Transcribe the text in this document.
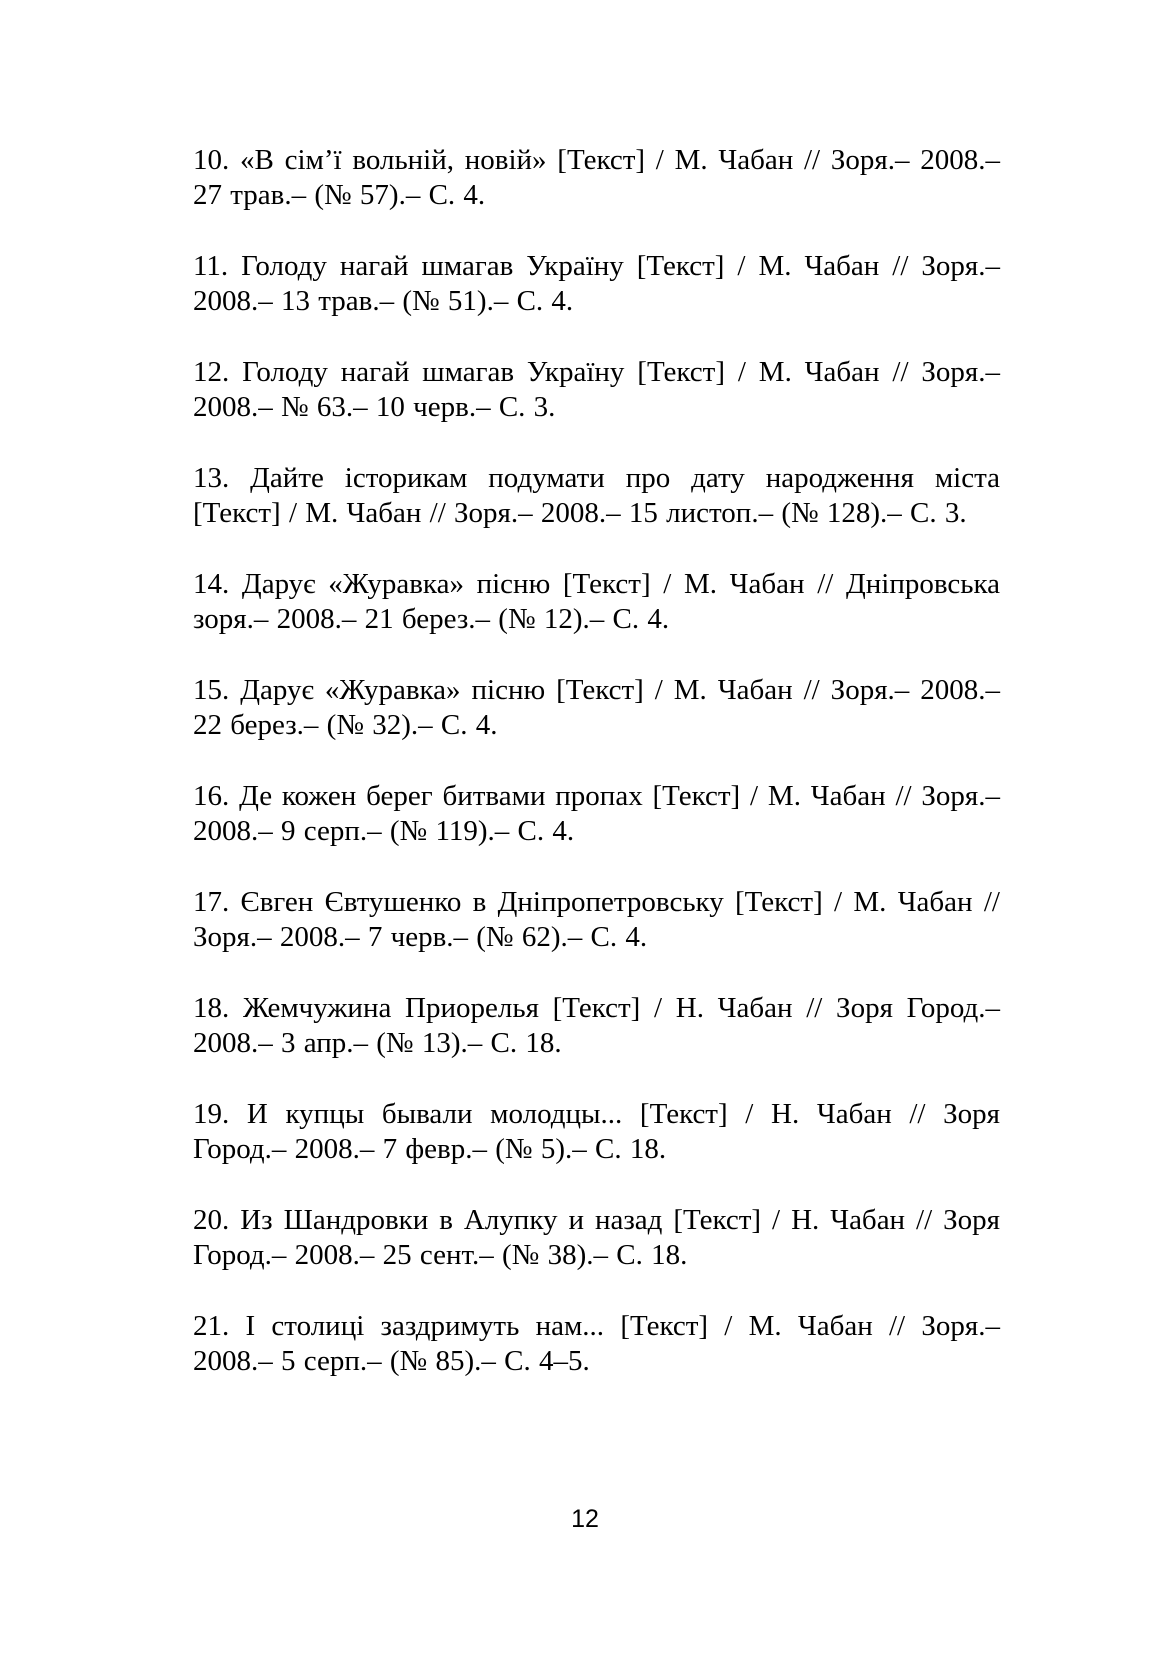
10. «В сім’ї вольній, новій» [Текст] / М. Чабан // Зоря.– 2008.– 27 трав.– (№ 57).– С. 4.

11. Голоду нагай шмагав Україну [Текст] / М. Чабан // Зоря.– 2008.– 13 трав.– (№ 51).– С. 4.

12. Голоду нагай шмагав Україну [Текст] / М. Чабан // Зоря.– 2008.– № 63.– 10 черв.– С. 3.

13. Дайте історикам подумати про дату народження міста [Текст] / М. Чабан // Зоря.– 2008.– 15 листоп.– (№ 128).– С. 3.

14. Дарує «Журавка» пісню [Текст] / М. Чабан // Дніпровська зоря.– 2008.– 21 берез.– (№ 12).– С. 4.

15. Дарує «Журавка» пісню [Текст] / М. Чабан // Зоря.– 2008.– 22 берез.– (№ 32).– С. 4.

16. Де кожен берег битвами пропах [Текст] / М. Чабан // Зоря.– 2008.– 9 серп.– (№ 119).– С. 4.

17. Євген Євтушенко в Дніпропетровську [Текст] / М. Чабан // Зоря.– 2008.– 7 черв.– (№ 62).– С. 4.

18. Жемчужина Приорелья [Текст] / Н. Чабан // Зоря Город.– 2008.– 3 апр.– (№ 13).– С. 18.

19. И купцы бывали молодцы... [Текст] / Н. Чабан // Зоря Город.– 2008.– 7 февр.– (№ 5).– С. 18.

20. Из Шандровки в Алупку и назад [Текст] / Н. Чабан // Зоря Город.– 2008.– 25 сент.– (№ 38).– С. 18.

21. І столиці заздримуть нам... [Текст] / М. Чабан // Зоря.– 2008.– 5 серп.– (№ 85).– С. 4–5.

12
